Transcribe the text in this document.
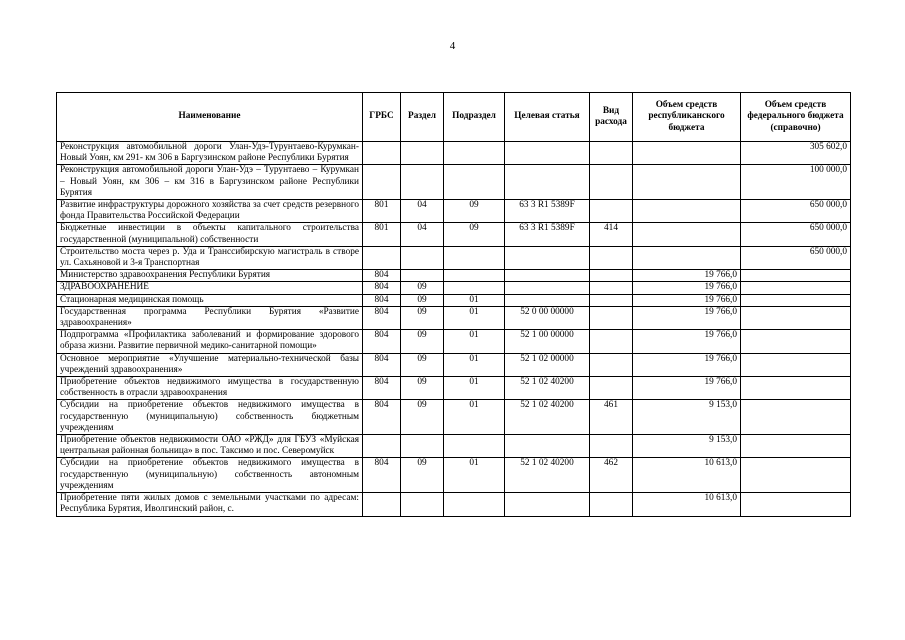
4
Наименование	ГРБС	Раздел	Подраздел	Целевая статья	Вид расхода	Объем средств республиканского бюджета	Объем средств федерального бюджета (справочно)
Реконструкция автомобильной дороги Улан-Удэ-Турунтаево-Курумкан-Новый Уоян, км 291- км 306 в Баргузинском районе Республики Бурятия							305 602,0
Реконструкция автомобильной дороги Улан-Удэ – Турунтаево – Курумкан – Новый Уоян, км 306 – км 316 в Баргузинском районе Республики Бурятия							100 000,0
Развитие инфраструктуры дорожного хозяйства за счет средств резервного фонда Правительства Российской Федерации	801	04	09	63 3 R1 5389F			650 000,0
Бюджетные инвестиции в объекты капитального строительства государственной (муниципальной) собственности	801	04	09	63 3 R1 5389F	414		650 000,0
Строительство моста через р. Уда и Транссибирскую магистраль в створе ул. Сахьяновой и 3-я Транспортная							650 000,0
Министерство здравоохранения Республики Бурятия	804					19 766,0	
ЗДРАВООХРАНЕНИЕ	804	09				19 766,0	
Стационарная медицинская помощь	804	09	01			19 766,0	
Государственная программа Республики Бурятия «Развитие здравоохранения»	804	09	01	52 0 00 00000		19 766,0	
Подпрограмма «Профилактика заболеваний и формирование здорового образа жизни. Развитие первичной медико-санитарной помощи»	804	09	01	52 1 00 00000		19 766,0	
Основное мероприятие «Улучшение материально-технической базы учреждений здравоохранения»	804	09	01	52 1 02 00000		19 766,0	
Приобретение объектов недвижимого имущества в государственную собственность в отрасли здравоохранения	804	09	01	52 1 02 40200		19 766,0	
Субсидии на приобретение объектов недвижимого имущества в государственную (муниципальную) собственность бюджетным учреждениям	804	09	01	52 1 02 40200	461	9 153,0	
Приобретение объектов недвижимости ОАО «РЖД» для ГБУЗ «Муйская центральная районная больница» в пос. Таксимо и пос. Северомуйск						9 153,0	
Субсидии на приобретение объектов недвижимого имущества в государственную (муниципальную) собственность автономным учреждениям	804	09	01	52 1 02 40200	462	10 613,0	
Приобретение пяти жилых домов с земельными участками по адресам: Республика Бурятия, Иволгинский район, с.						10 613,0	
